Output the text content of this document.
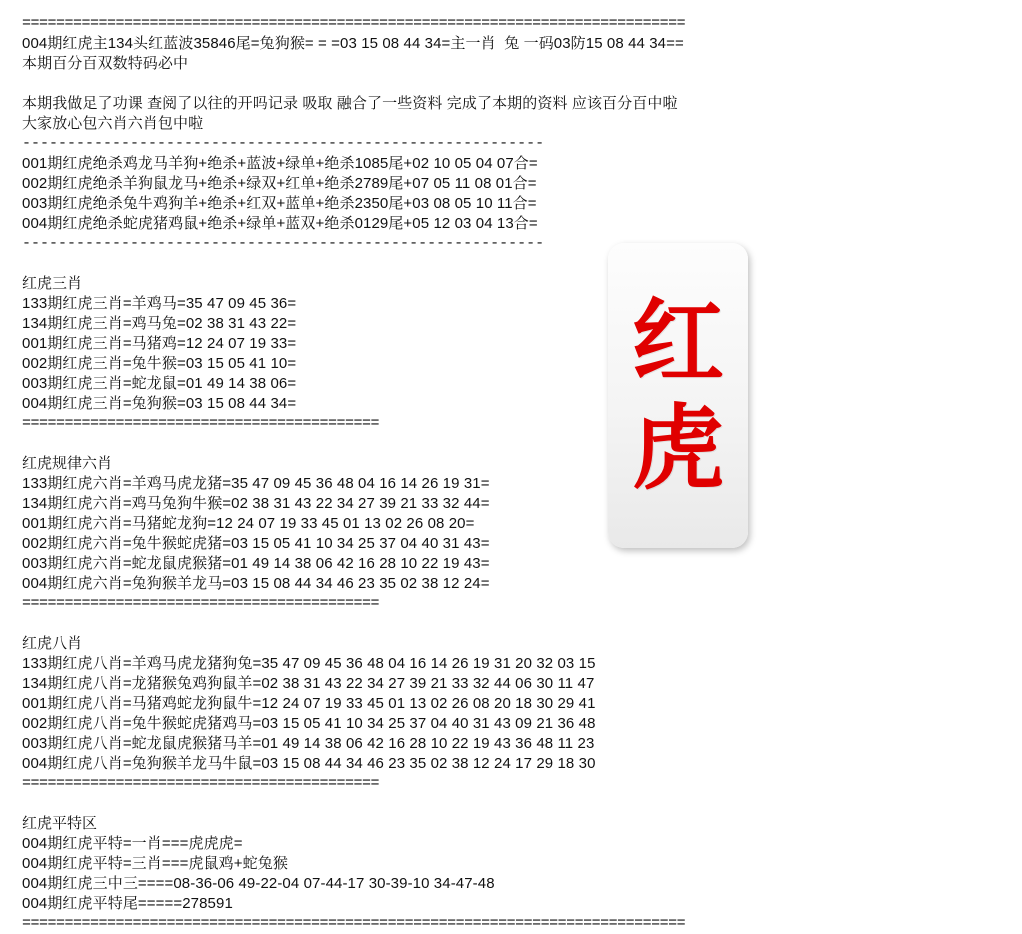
==============================================================================
004期红虎主134头红蓝波35846尾=兔狗猴= = =03 15 08 44 34=主一肖  兔 一码03防15 08 44 34==
本期百分百双数特码必中
本期我做足了功课 查阅了以往的开吗记录 吸取 融合了一些资料 完成了本期的资料 应该百分百中啦
大家放心包六肖六肖包中啦
----------------------------------------------------------
001期红虎绝杀鸡龙马羊狗+绝杀+蓝波+绿单+绝杀1085尾+02 10 05 04 07合=
002期红虎绝杀羊狗鼠龙马+绝杀+绿双+红单+绝杀2789尾+07 05 11 08 01合=
003期红虎绝杀兔牛鸡狗羊+绝杀+红双+蓝单+绝杀2350尾+03 08 05 10 11合=
004期红虎绝杀蛇虎猪鸡鼠+绝杀+绿单+蓝双+绝杀0129尾+05 12 03 04 13合=
----------------------------------------------------------
红虎三肖
133期红虎三肖=羊鸡马=35 47 09 45 36=
134期红虎三肖=鸡马兔=02 38 31 43 22=
001期红虎三肖=马猪鸡=12 24 07 19 33=
002期红虎三肖=兔牛猴=03 15 05 41 10=
003期红虎三肖=蛇龙鼠=01 49 14 38 06=
004期红虎三肖=兔狗猴=03 15 08 44 34=
==========================================
红虎规律六肖
133期红虎六肖=羊鸡马虎龙猪=35 47 09 45 36 48 04 16 14 26 19 31=
134期红虎六肖=鸡马兔狗牛猴=02 38 31 43 22 34 27 39 21 33 32 44=
001期红虎六肖=马猪蛇龙狗=12 24 07 19 33 45 01 13 02 26 08 20=
002期红虎六肖=兔牛猴蛇虎猪=03 15 05 41 10 34 25 37 04 40 31 43=
003期红虎六肖=蛇龙鼠虎猴猪=01 49 14 38 06 42 16 28 10 22 19 43=
004期红虎六肖=兔狗猴羊龙马=03 15 08 44 34 46 23 35 02 38 12 24=
==========================================
红虎八肖
133期红虎八肖=羊鸡马虎龙猪狗兔=35 47 09 45 36 48 04 16 14 26 19 31 20 32 03 15
134期红虎八肖=龙猪猴兔鸡狗鼠羊=02 38 31 43 22 34 27 39 21 33 32 44 06 30 11 47
001期红虎八肖=马猪鸡蛇龙狗鼠牛=12 24 07 19 33 45 01 13 02 26 08 20 18 30 29 41
002期红虎八肖=兔牛猴蛇虎猪鸡马=03 15 05 41 10 34 25 37 04 40 31 43 09 21 36 48
003期红虎八肖=蛇龙鼠虎猴猪马羊=01 49 14 38 06 42 16 28 10 22 19 43 36 48 11 23
004期红虎八肖=兔狗猴羊龙马牛鼠=03 15 08 44 34 46 23 35 02 38 12 24 17 29 18 30
==========================================
红虎平特区
004期红虎平特=一肖===虎虎虎=
004期红虎平特=三肖===虎鼠鸡+蛇兔猴
004期红虎三中三====08-36-06 49-22-04 07-44-17 30-39-10 34-47-48
004期红虎平特尾=====278591
==============================================================================
红
虎
